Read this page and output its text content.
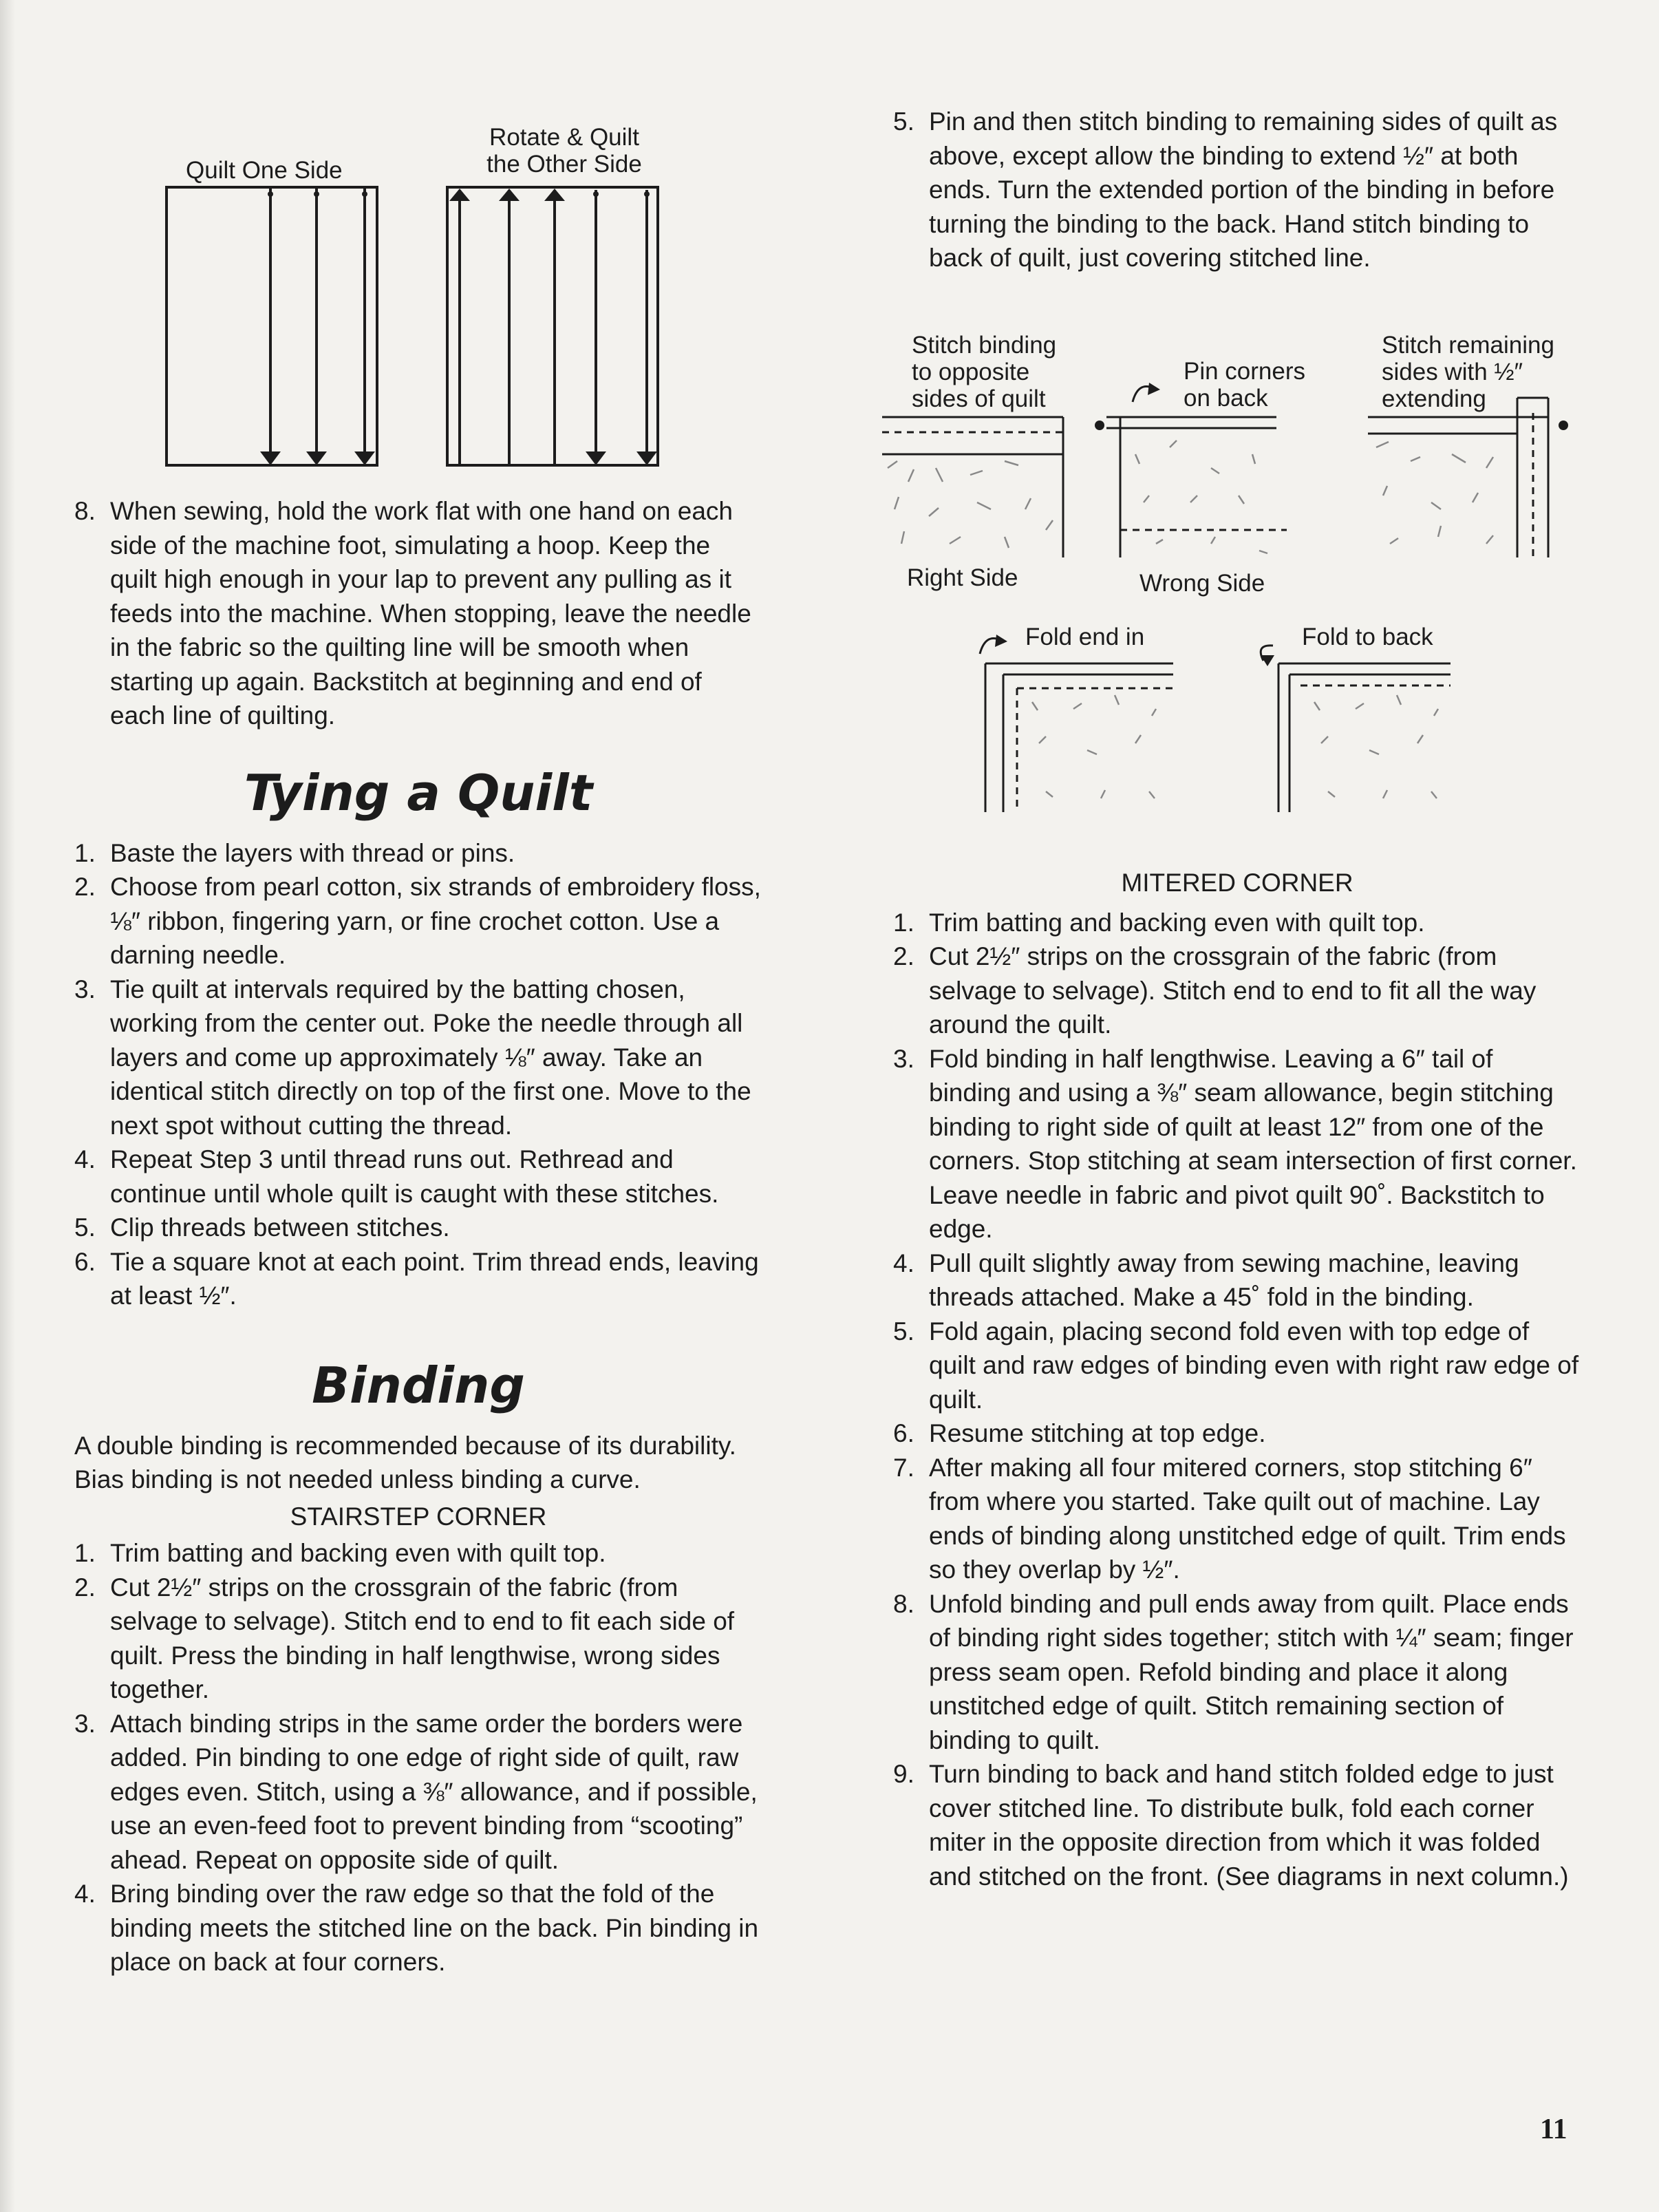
Quilt One Side
Rotate & Quilt
the Other Side
8. When sewing, hold the work flat with one hand on each side of the machine foot, simulating a hoop. Keep the quilt high enough in your lap to prevent any pulling as it feeds into the machine. When stopping, leave the needle in the fabric so the quilting line will be smooth when starting up again. Backstitch at beginning and end of each line of quilting.
Tying a Quilt
1. Baste the layers with thread or pins.
2. Choose from pearl cotton, six strands of embroidery floss, ⅛″ ribbon, fingering yarn, or fine crochet cotton. Use a darning needle.
3. Tie quilt at intervals required by the batting chosen, working from the center out. Poke the needle through all layers and come up approximately ⅛″ away. Take an identical stitch directly on top of the first one. Move to the next spot without cutting the thread.
4. Repeat Step 3 until thread runs out. Rethread and continue until whole quilt is caught with these stitches.
5. Clip threads between stitches.
6. Tie a square knot at each point. Trim thread ends, leaving at least ½″.
Binding

A double binding is recommended because of its durability. Bias binding is not needed unless binding a curve.

STAIRSTEP CORNER
1. Trim batting and backing even with quilt top.
2. Cut 2½″ strips on the crossgrain of the fabric (from selvage to selvage). Stitch end to end to fit each side of quilt. Press the binding in half lengthwise, wrong sides together.
3. Attach binding strips in the same order the borders were added. Pin binding to one edge of right side of quilt, raw edges even. Stitch, using a ⅜″ allowance, and if possible, use an even-feed foot to prevent binding from “scooting” ahead. Repeat on opposite side of quilt.
4. Bring binding over the raw edge so that the fold of the binding meets the stitched line on the back. Pin binding in place on back at four corners.
5. Pin and then stitch binding to remaining sides of quilt as above, except allow the binding to extend ½″ at both ends. Turn the extended portion of the binding in before turning the binding to the back. Hand stitch binding to back of quilt, just covering stitched line.
Stitch binding
to opposite
sides of quilt
Pin corners
on back
Stitch remaining
sides with ½″
extending
Right Side	Wrong Side
Fold end in	Fold to back
MITERED CORNER
1. Trim batting and backing even with quilt top.
2. Cut 2½″ strips on the crossgrain of the fabric (from selvage to selvage). Stitch end to end to fit all the way around the quilt.
3. Fold binding in half lengthwise. Leaving a 6″ tail of binding and using a ⅜″ seam allowance, begin stitching binding to right side of quilt at least 12″ from one of the corners. Stop stitching at seam intersection of first corner. Leave needle in fabric and pivot quilt 90˚. Backstitch to edge.
4. Pull quilt slightly away from sewing machine, leaving threads attached. Make a 45˚ fold in the binding.
5. Fold again, placing second fold even with top edge of quilt and raw edges of binding even with right raw edge of quilt.
6. Resume stitching at top edge.
7. After making all four mitered corners, stop stitching 6″ from where you started. Take quilt out of machine. Lay ends of binding along unstitched edge of quilt. Trim ends so they overlap by ½″.
8. Unfold binding and pull ends away from quilt. Place ends of binding right sides together; stitch with ¼″ seam; finger press seam open. Refold binding and place it along unstitched edge of quilt. Stitch remaining section of binding to quilt.
9. Turn binding to back and hand stitch folded edge to just cover stitched line. To distribute bulk, fold each corner miter in the opposite direction from which it was folded and stitched on the front. (See diagrams in next column.)
11
